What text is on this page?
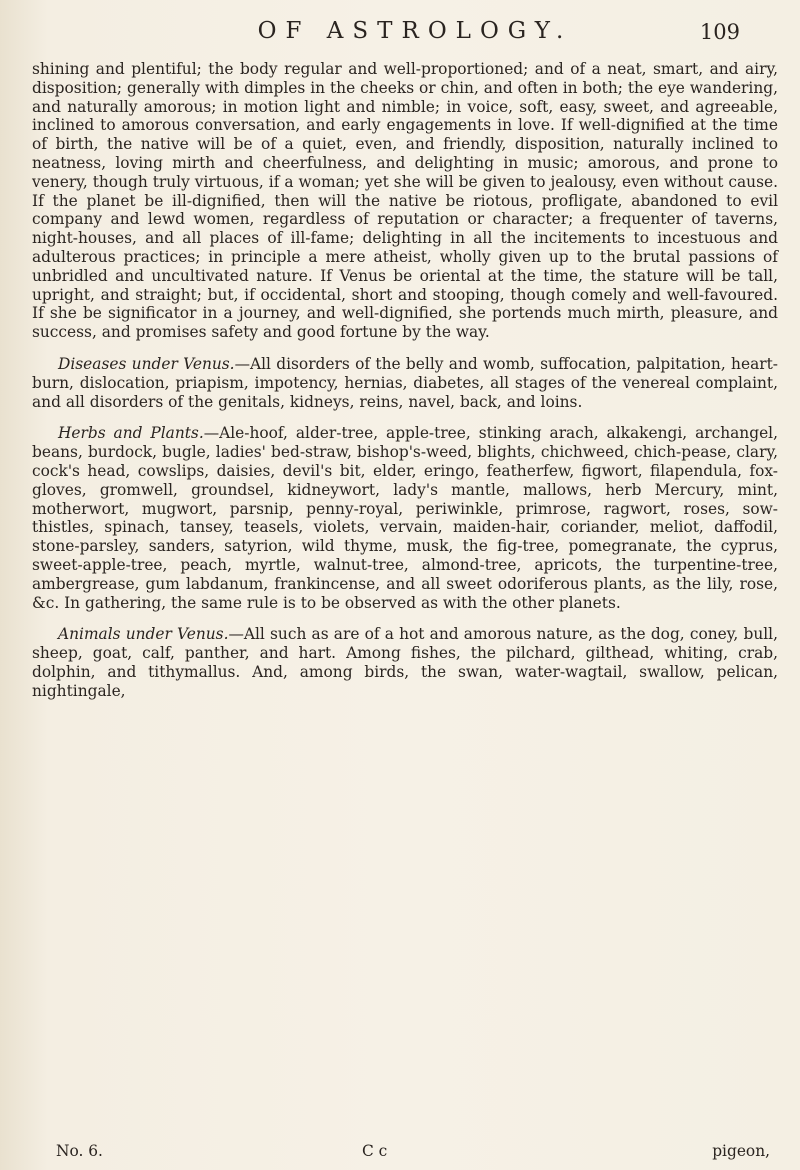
OF ASTROLOGY.	109

shining and plentiful; the body regular and well-proportioned; and of a neat, smart, and airy, disposition; generally with dimples in the cheeks or chin, and often in both; the eye wandering, and naturally amorous; in motion light and nimble; in voice, soft, easy, sweet, and agreeable, inclined to amorous conversation, and early engagements in love. If well-dignified at the time of birth, the native will be of a quiet, even, and friendly, disposition, naturally inclined to neatness, loving mirth and cheerfulness, and delighting in music; amorous, and prone to venery, though truly virtuous, if a woman; yet she will be given to jealousy, even without cause. If the planet be ill-dignified, then will the native be riotous, profligate, abandoned to evil company and lewd women, regardless of reputation or character; a frequenter of taverns, night-houses, and all places of ill-fame; delighting in all the incitements to incestuous and adulterous practices; in principle a mere atheist, wholly given up to the brutal passions of unbridled and uncultivated nature. If Venus be oriental at the time, the stature will be tall, upright, and straight; but, if occidental, short and stooping, though comely and well-favoured. If she be significator in a journey, and well-dignified, she portends much mirth, pleasure, and success, and promises safety and good fortune by the way.

Diseases under Venus.—All disorders of the belly and womb, suffocation, palpitation, heart-burn, dislocation, priapism, impotency, hernias, diabetes, all stages of the venereal complaint, and all disorders of the genitals, kidneys, reins, navel, back, and loins.

Herbs and Plants.—Ale-hoof, alder-tree, apple-tree, stinking arach, alkakengi, archangel, beans, burdock, bugle, ladies' bed-straw, bishop's-weed, blights, chichweed, chich-pease, clary, cock's head, cowslips, daisies, devil's bit, elder, eringo, featherfew, figwort, filapendula, fox-gloves, gromwell, groundsel, kidneywort, lady's mantle, mallows, herb Mercury, mint, motherwort, mugwort, parsnip, penny-royal, periwinkle, primrose, ragwort, roses, sow-thistles, spinach, tansey, teasels, violets, vervain, maiden-hair, coriander, meliot, daffodil, stone-parsley, sanders, satyrion, wild thyme, musk, the fig-tree, pomegranate, the cyprus, sweet-apple-tree, peach, myrtle, walnut-tree, almond-tree, apricots, the turpentine-tree, ambergrease, gum labdanum, frankincense, and all sweet odoriferous plants, as the lily, rose, &c. In gathering, the same rule is to be observed as with the other planets.

Animals under Venus.—All such as are of a hot and amorous nature, as the dog, coney, bull, sheep, goat, calf, panther, and hart. Among fishes, the pilchard, gilthead, whiting, crab, dolphin, and tithymallus. And, among birds, the swan, water-wagtail, swallow, pelican, nightingale,

No. 6.	C c	pigeon,
